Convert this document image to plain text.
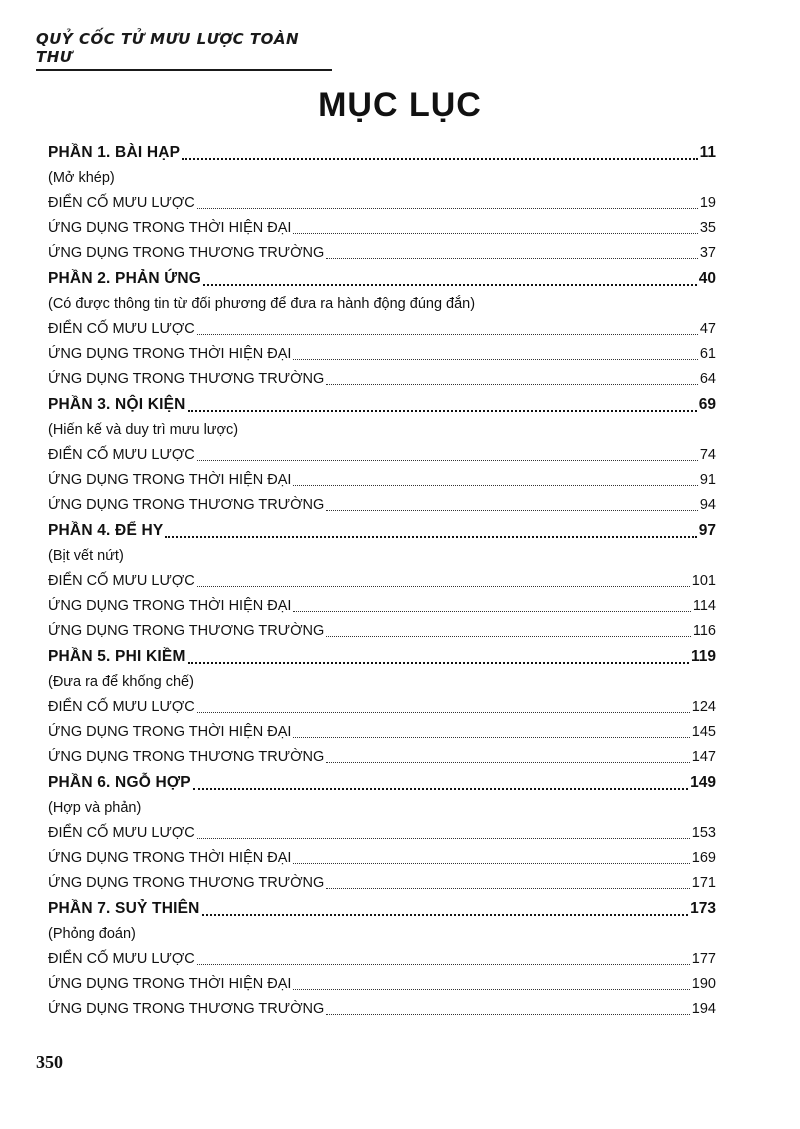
QUỶ CỐC TỬ MƯU LƯỢC TOÀN THƯ
MỤC LỤC
PHẦN 1. BÀI HẠP	11
(Mở khép)
ĐIỂN CỐ MƯU LƯỢC	19
ỨNG DỤNG TRONG THỜI HIỆN ĐẠI	35
ỨNG DỤNG TRONG THƯƠNG TRƯỜNG	37
PHẦN 2. PHẢN ỨNG	40
(Có được thông tin từ đối phương để đưa ra hành động đúng đắn)
ĐIỂN CỐ MƯU LƯỢC	47
ỨNG DỤNG TRONG THỜI HIỆN ĐẠI	61
ỨNG DỤNG TRONG THƯƠNG TRƯỜNG	64
PHẦN 3. NỘI KIỆN	69
(Hiến kế và duy trì mưu lược)
ĐIỂN CỐ MƯU LƯỢC	74
ỨNG DỤNG TRONG THỜI HIỆN ĐẠI	91
ỨNG DỤNG TRONG THƯƠNG TRƯỜNG	94
PHẦN 4. ĐỂ HY	97
(Bịt vết nứt)
ĐIỂN CỐ MƯU LƯỢC	101
ỨNG DỤNG TRONG THỜI HIỆN ĐẠI	114
ỨNG DỤNG TRONG THƯƠNG TRƯỜNG	116
PHẦN 5. PHI KIỀM	119
(Đưa ra để khống chế)
ĐIỂN CỐ MƯU LƯỢC	124
ỨNG DỤNG TRONG THỜI HIỆN ĐẠI	145
ỨNG DỤNG TRONG THƯƠNG TRƯỜNG	147
PHẦN 6. NGỖ HỢP	149
(Hợp và phản)
ĐIỂN CỐ MƯU LƯỢC	153
ỨNG DỤNG TRONG THỜI HIỆN ĐẠI	169
ỨNG DỤNG TRONG THƯƠNG TRƯỜNG	171
PHẦN 7. SUỶ THIÊN	173
(Phỏng đoán)
ĐIỂN CỐ MƯU LƯỢC	177
ỨNG DỤNG TRONG THỜI HIỆN ĐẠI	190
ỨNG DỤNG TRONG THƯƠNG TRƯỜNG	194
350
